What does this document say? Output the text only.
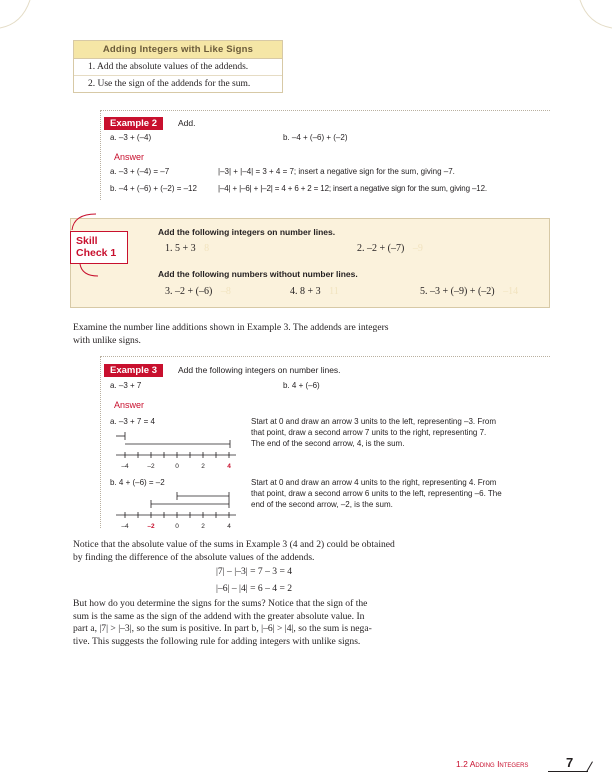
Adding Integers with Like Signs
1. Add the absolute values of the addends.
2. Use the sign of the addends for the sum.
Example 2	Add.
a. –3 + (–4)	b. –4 + (–6) + (–2)
Answer
a. –3 + (–4) = –7	|–3| + |–4| = 3 + 4 = 7; insert a negative sign for the sum, giving –7.
b. –4 + (–6) + (–2) = –12	|–4| + |–6| + |–2| = 4 + 6 + 2 = 12; insert a negative sign for the sum, giving –12.
Skill
Check 1
Add the following integers on number lines.
1. 5 + 3 8	2. –2 + (–7) –9
Add the following numbers without number lines.
3. –2 + (–6) –8	4. 8 + 3 11	5. –3 + (–9) + (–2) –14
Examine the number line additions shown in Example 3. The addends are integers
with unlike signs.
Example 3	Add the following integers on number lines.
a. –3 + 7	b. 4 + (–6)
Answer
a. –3 + 7 = 4	Start at 0 and draw an arrow 3 units to the left, representing –3. From
that point, draw a second arrow 7 units to the right, representing 7.
The end of the second arrow, 4, is the sum.
–4	–2	0	2	4
b. 4 + (–6) = –2	Start at 0 and draw an arrow 4 units to the right, representing 4. From
that point, draw a second arrow 6 units to the left, representing –6. The
end of the second arrow, –2, is the sum.
–4	–2	0	2	4
Notice that the absolute value of the sums in Example 3 (4 and 2) could be obtained
by finding the difference of the absolute values of the addends.
|7| – |–3| = 7 – 3 = 4
|–6| – |4| = 6 – 4 = 2
But how do you determine the signs for the sums? Notice that the sign of the
sum is the same as the sign of the addend with the greater absolute value. In
part a, |7| > |–3|, so the sum is positive. In part b, |–6| > |4|, so the sum is nega-
tive. This suggests the following rule for adding integers with unlike signs.
1.2 Adding Integers	7
